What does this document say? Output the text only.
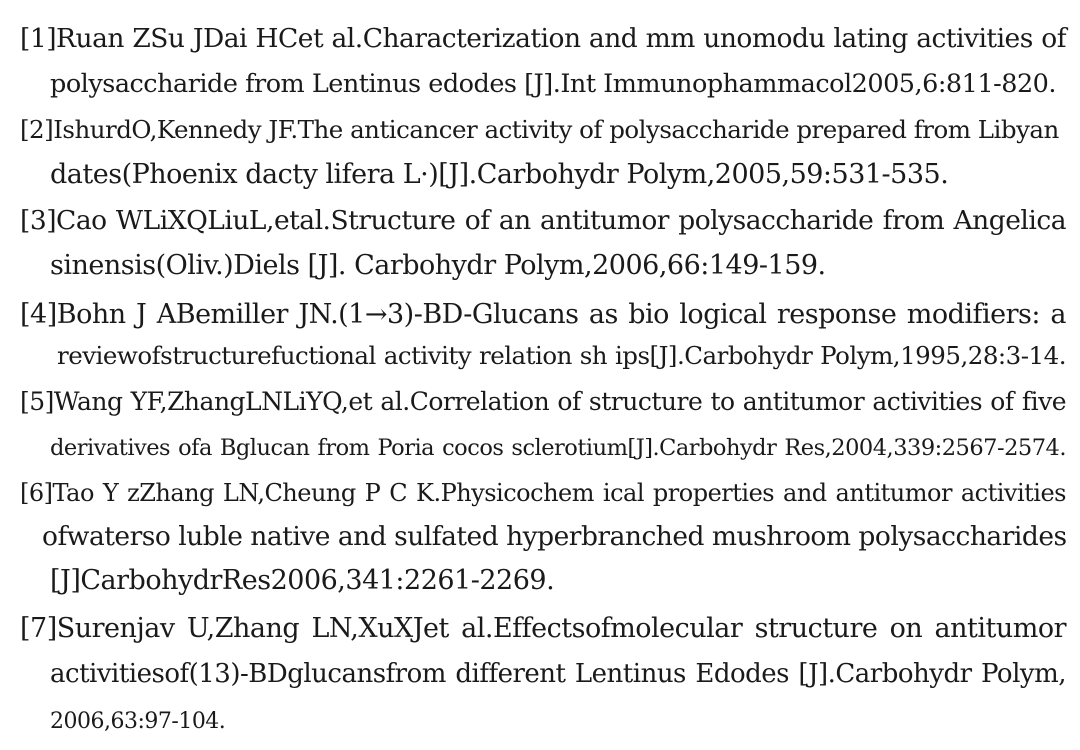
[1]Ruan ZSu JDai HCet al.Characterization and mm unomodu lating activities of
polysaccharide from Lentinus edodes [J].Int Immunophammacol2005,6:811-820.
[2]IshurdO,Kennedy JF.The anticancer activity of polysaccharide prepared from Libyan
dates(Phoenix dacty lifera L·)[J].Carbohydr Polym,2005,59:531-535.
[3]Cao WLiXQLiuL,etal.Structure of an antitumor polysaccharide from Angelica
sinensis(Oliv.)Diels [J]. Carbohydr Polym,2006,66:149-159.
[4]Bohn J ABemiller JN.(1→3)-BD-Glucans as bio logical response modifiers: a
reviewofstructurefuctional activity relation sh ips[J].Carbohydr Polym,1995,28:3-14.
[5]Wang YF,ZhangLNLiYQ,et al.Correlation of structure to antitumor activities of five
derivatives ofa Bglucan from Poria cocos sclerotium[J].Carbohydr Res,2004,339:2567-2574.
[6]Tao Y zZhang LN,Cheung P C K.Physicochem ical properties and antitumor activities
ofwaterso luble native and sulfated hyperbranched mushroom polysaccharides
[J]CarbohydrRes2006,341:2261-2269.
[7]Surenjav U,Zhang LN,XuXJet al.Effectsofmolecular structure on antitumor
activitiesof(13)-BDglucansfrom different Lentinus Edodes [J].Carbohydr Polym,
2006,63:97-104.
